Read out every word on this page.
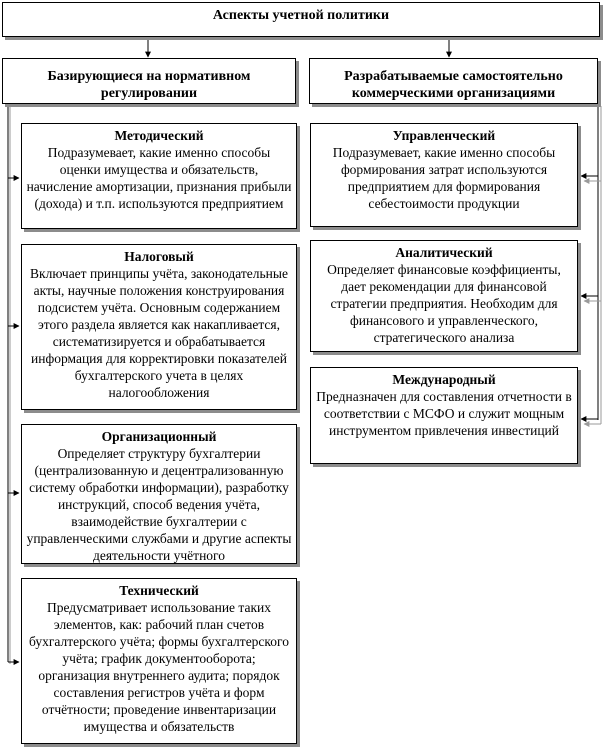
Аспекты учетной политики
Базирующиеся на нормативном регулировании
Разрабатываемые самостоятельно коммерческими организациями
Методический
Подразумевает, какие именно способы оценки имущества и обязательств, начисление амортизации, признания прибыли (дохода) и т.п. используются предприятием
Налоговый
Включает принципы учёта, законодательные акты, научные положения конструирования подсистем учёта. Основным содержанием этого раздела является как накапливается, систематизируется и обрабатывается информация для корректировки показателей бухгалтерского учета в целях налогообложения
Организационный
Определяет структуру бухгалтерии (централизованную и децентрализованную систему обработки информации), разработку инструкций, способ ведения учёта, взаимодействие бухгалтерии с управленческими службами и другие аспекты деятельности учётного
Технический
Предусматривает использование таких элементов, как: рабочий план счетов бухгалтерского учёта; формы бухгалтерского учёта; график документооборота; организация внутреннего аудита; порядок составления регистров учёта и форм отчётности; проведение инвентаризации имущества и обязательств
Управленческий
Подразумевает, какие именно способы формирования затрат используются предприятием для формирования себестоимости продукции
Аналитический
Определяет финансовые коэффициенты, дает рекомендации для финансовой стратегии предприятия. Необходим для финансового и управленческого, стратегического анализа
Международный
Предназначен для составления отчетности в соответствии с МСФО и служит мощным инструментом привлечения инвестиций
